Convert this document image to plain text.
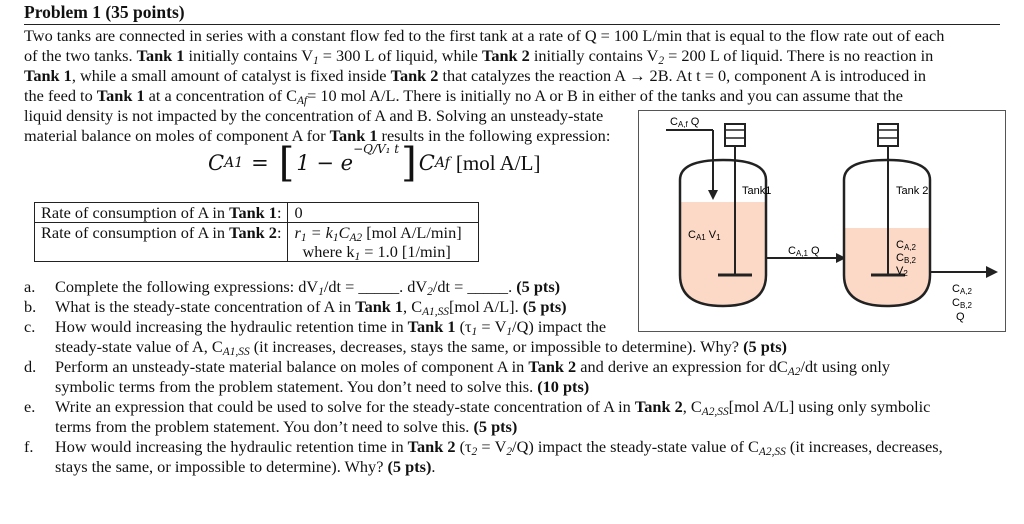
Problem 1 (35 points)
Two tanks are connected in series with a constant flow fed to the first tank at a rate of Q = 100 L/min that is equal to the flow rate out of each
of the two tanks. Tank 1 initially contains $V_1 = 300$ L of liquid, while Tank 2 initially contains $V_2 = 200$ L of liquid. There is no reaction in
Tank 1, while a small amount of catalyst is fixed inside Tank 2 that catalyzes the reaction A → 2B. At t = 0, component A is introduced in
the feed to Tank 1 at a concentration of $C_{Af}= 10$ mol A/L. There is initially no A or B in either of the tanks and you can assume that the
liquid density is not impacted by the concentration of A and B. Solving an unsteady-state
material balance on moles of component A for Tank 1 results in the following expression:
C A1 = [ 1 − e
−Q/V₁ t ] C Af [mol A/L]
Rate of consumption of A in Tank 1:	0
Rate of consumption of A in Tank 2:	$r_1 = k_1C_{A2}$ [mol A/L/min]
where $k_1 = 1.0$ [1/min]
a. Complete the following expressions: $dV_1/dt$ = _____. $dV_2/dt$ = _____. (5 pts)
b. What is the steady-state concentration of A in Tank 1, $C_{A1,SS}[mol$ A/L]. (5 pts)
c. How would increasing the hydraulic retention time in Tank 1 $(\tau_1 = V_1/Q)$ impact the
steady-state value of A, $C_{A1,SS}$ (it increases, decreases, stays the same, or impossible to determine). Why? (5 pts)
d. Perform an unsteady-state material balance on moles of component A in Tank 2 and derive an expression for $dC_{A2}/dt$ using only
symbolic terms from the problem statement. You don’t need to solve this. (10 pts)
e. Write an expression that could be used to solve for the steady-state concentration of A in Tank 2, $C_{A2,SS}[mol$ A/L] using only symbolic
terms from the problem statement. You don’t need to solve this. (5 pts)
f. How would increasing the hydraulic retention time in Tank 2 $(\tau_2 = V_2/Q)$ impact the steady-state value of $C_{A2,SS}$ (it increases, decreases,
stays the same, or impossible to determine). Why? (5 pts).
CA,f Q
Tank1
CA1 V1
CA,1 Q
Tank 2
CA,2
CB,2
V2
CA,2
CB,2
Q
